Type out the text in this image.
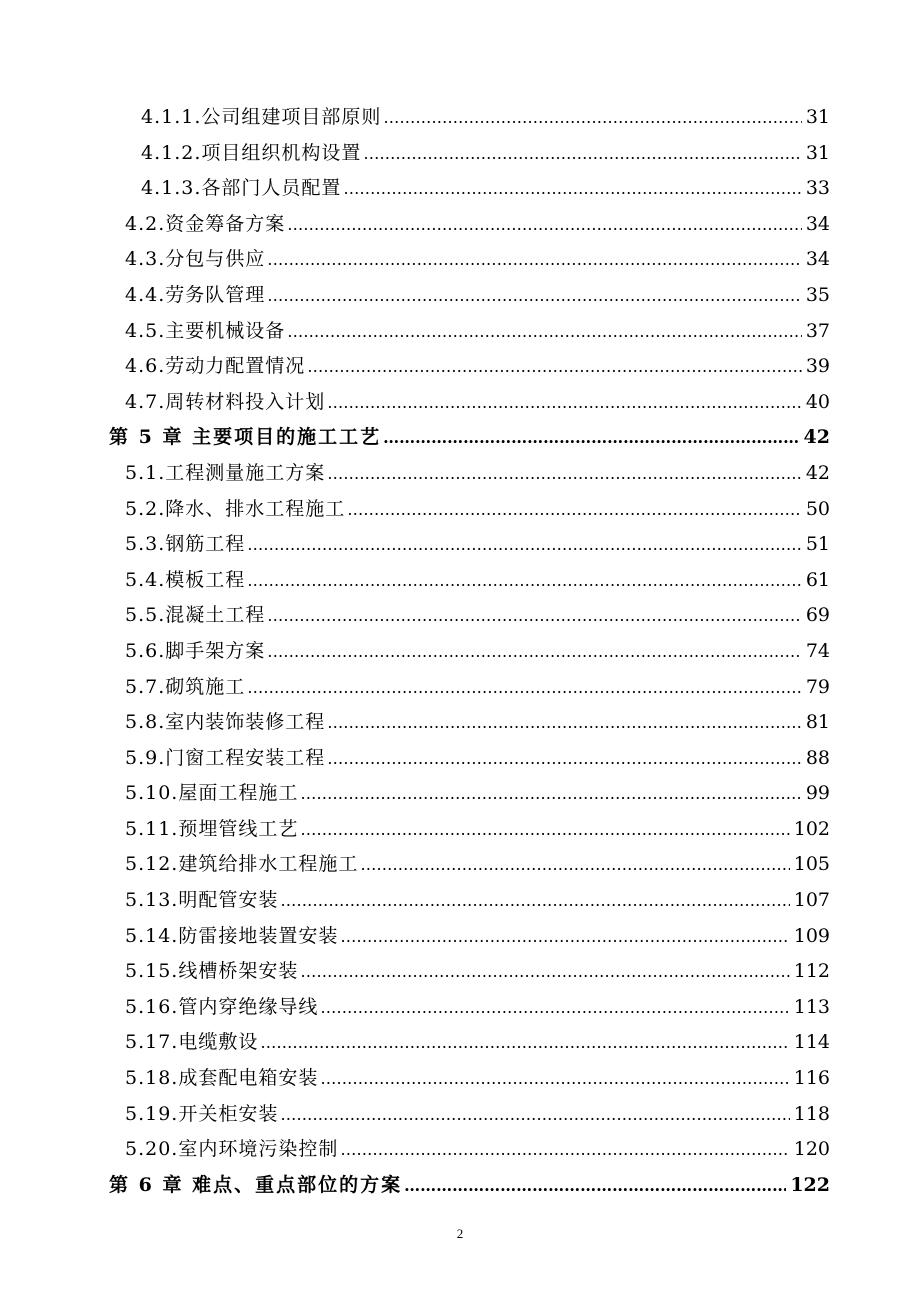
4.1.1.公司组建项目部原则 ……………………………………………………………………………………………………………………………………………………………………	31
4.1.2.项目组织机构设置 ……………………………………………………………………………………………………………………………………………………………………	31
4.1.3.各部门人员配置 ……………………………………………………………………………………………………………………………………………………………………	33
4.2.资金筹备方案 ……………………………………………………………………………………………………………………………………………………………………	34
4.3.分包与供应 ……………………………………………………………………………………………………………………………………………………………………	34
4.4.劳务队管理 ……………………………………………………………………………………………………………………………………………………………………	35
4.5.主要机械设备 ……………………………………………………………………………………………………………………………………………………………………	37
4.6.劳动力配置情况 ……………………………………………………………………………………………………………………………………………………………………	39
4.7.周转材料投入计划 ……………………………………………………………………………………………………………………………………………………………………	40
第 5 章 主要项目的施工工艺 ……………………………………………………………………………………………………………………………………………………………………	42
5.1.工程测量施工方案 ……………………………………………………………………………………………………………………………………………………………………	42
5.2.降水、排水工程施工 ……………………………………………………………………………………………………………………………………………………………………	50
5.3.钢筋工程 ……………………………………………………………………………………………………………………………………………………………………	51
5.4.模板工程 ……………………………………………………………………………………………………………………………………………………………………	61
5.5.混凝土工程 ……………………………………………………………………………………………………………………………………………………………………	69
5.6.脚手架方案 ……………………………………………………………………………………………………………………………………………………………………	74
5.7.砌筑施工 ……………………………………………………………………………………………………………………………………………………………………	79
5.8.室内装饰装修工程 ……………………………………………………………………………………………………………………………………………………………………	81
5.9.门窗工程安装工程 ……………………………………………………………………………………………………………………………………………………………………	88
5.10.屋面工程施工 ……………………………………………………………………………………………………………………………………………………………………	99
5.11.预埋管线工艺 ……………………………………………………………………………………………………………………………………………………………………	102
5.12.建筑给排水工程施工 ……………………………………………………………………………………………………………………………………………………………………	105
5.13.明配管安装 ……………………………………………………………………………………………………………………………………………………………………	107
5.14.防雷接地装置安装 ……………………………………………………………………………………………………………………………………………………………………	109
5.15.线槽桥架安装 ……………………………………………………………………………………………………………………………………………………………………	112
5.16.管内穿绝缘导线 ……………………………………………………………………………………………………………………………………………………………………	113
5.17.电缆敷设 ……………………………………………………………………………………………………………………………………………………………………	114
5.18.成套配电箱安装 ……………………………………………………………………………………………………………………………………………………………………	116
5.19.开关柜安装 ……………………………………………………………………………………………………………………………………………………………………	118
5.20.室内环境污染控制 ……………………………………………………………………………………………………………………………………………………………………	120
第 6 章 难点、重点部位的方案 ……………………………………………………………………………………………………………………………………………………………………	122
2
